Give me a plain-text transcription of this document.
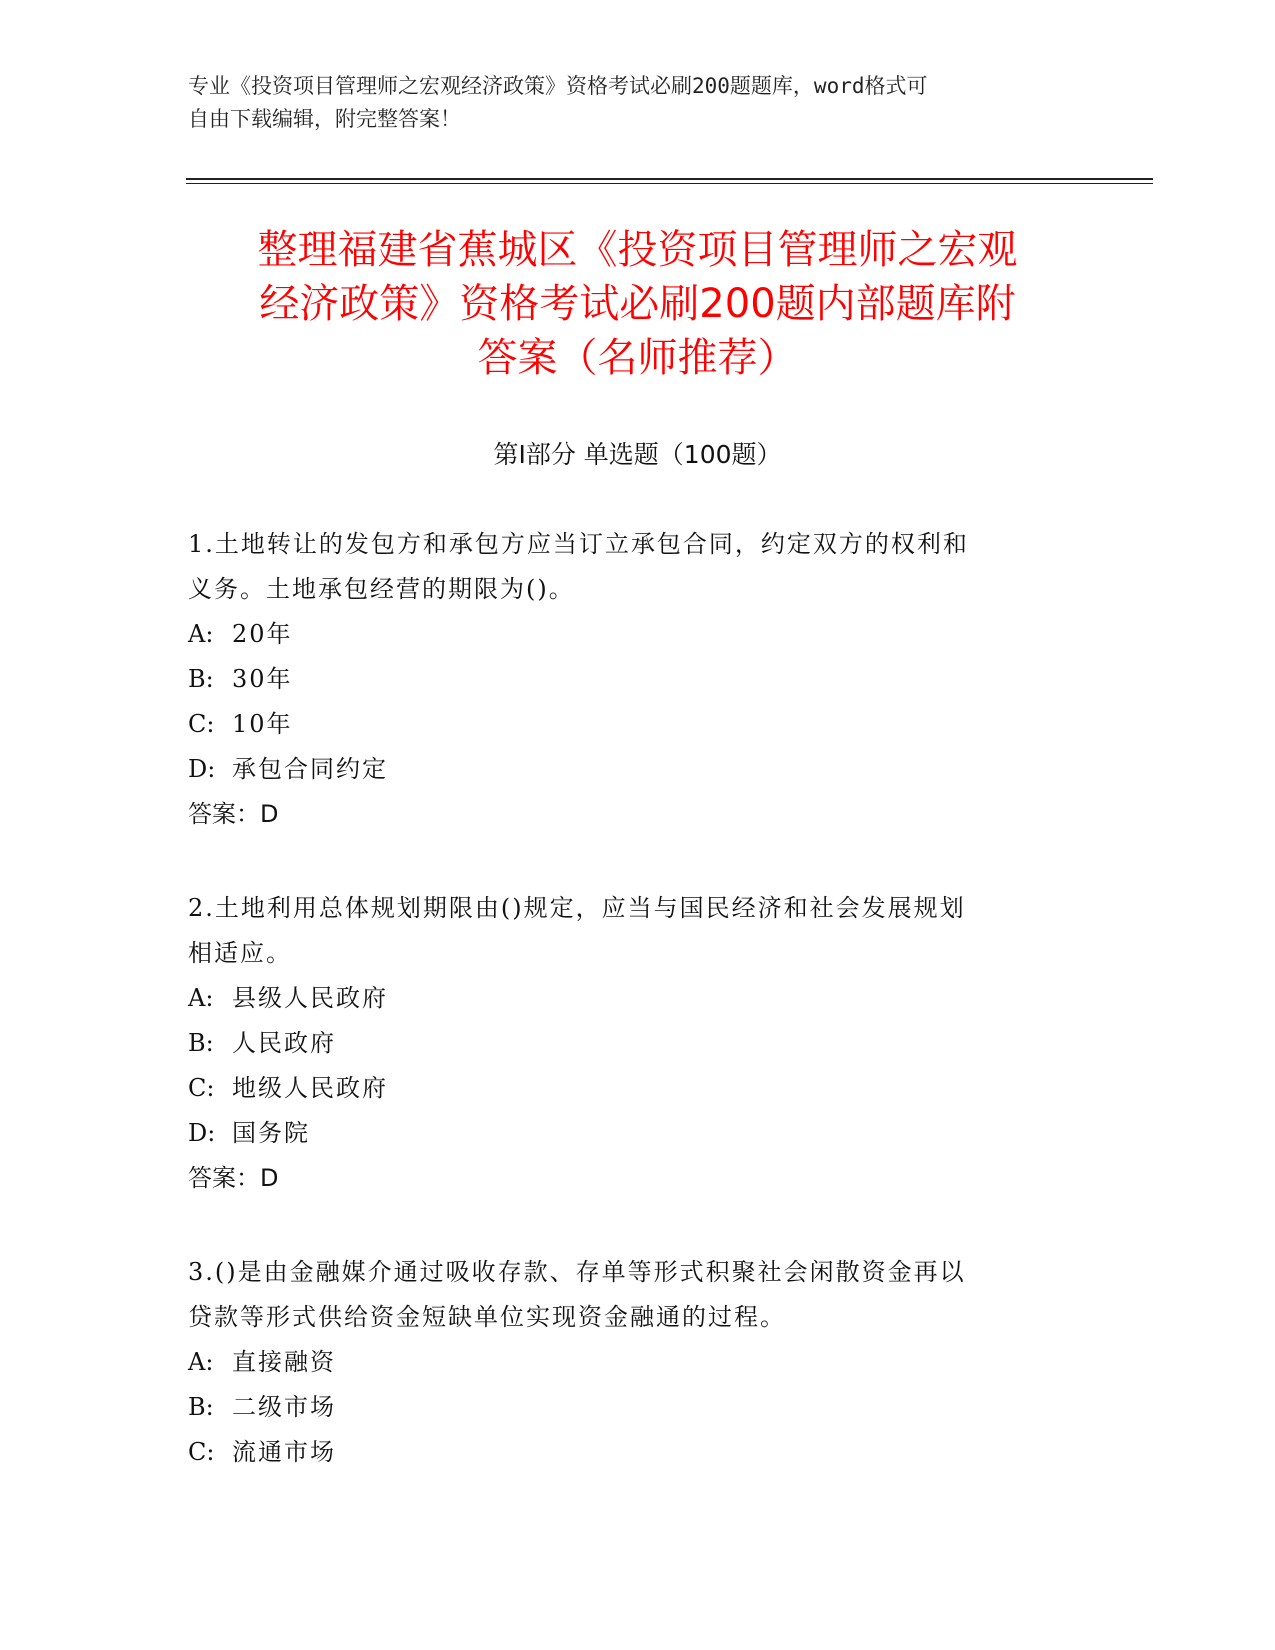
专业《投资项目管理师之宏观经济政策》资格考试必刷200题题库，word格式可
自由下载编辑，附完整答案！
整理福建省蕉城区《投资项目管理师之宏观
经济政策》资格考试必刷200题内部题库附
答案（名师推荐）
第Ⅰ部分 单选题（100题）

1.土地转让的发包方和承包方应当订立承包合同，约定双方的权利和

义务。土地承包经营的期限为()。

A: 20年

B: 30年

C: 10年

D: 承包合同约定

答案：D

2.土地利用总体规划期限由()规定，应当与国民经济和社会发展规划

相适应。

A: 县级人民政府

B: 人民政府

C: 地级人民政府

D: 国务院

答案：D

3.()是由金融媒介通过吸收存款、存单等形式积聚社会闲散资金再以

贷款等形式供给资金短缺单位实现资金融通的过程。

A: 直接融资

B: 二级市场

C: 流通市场
